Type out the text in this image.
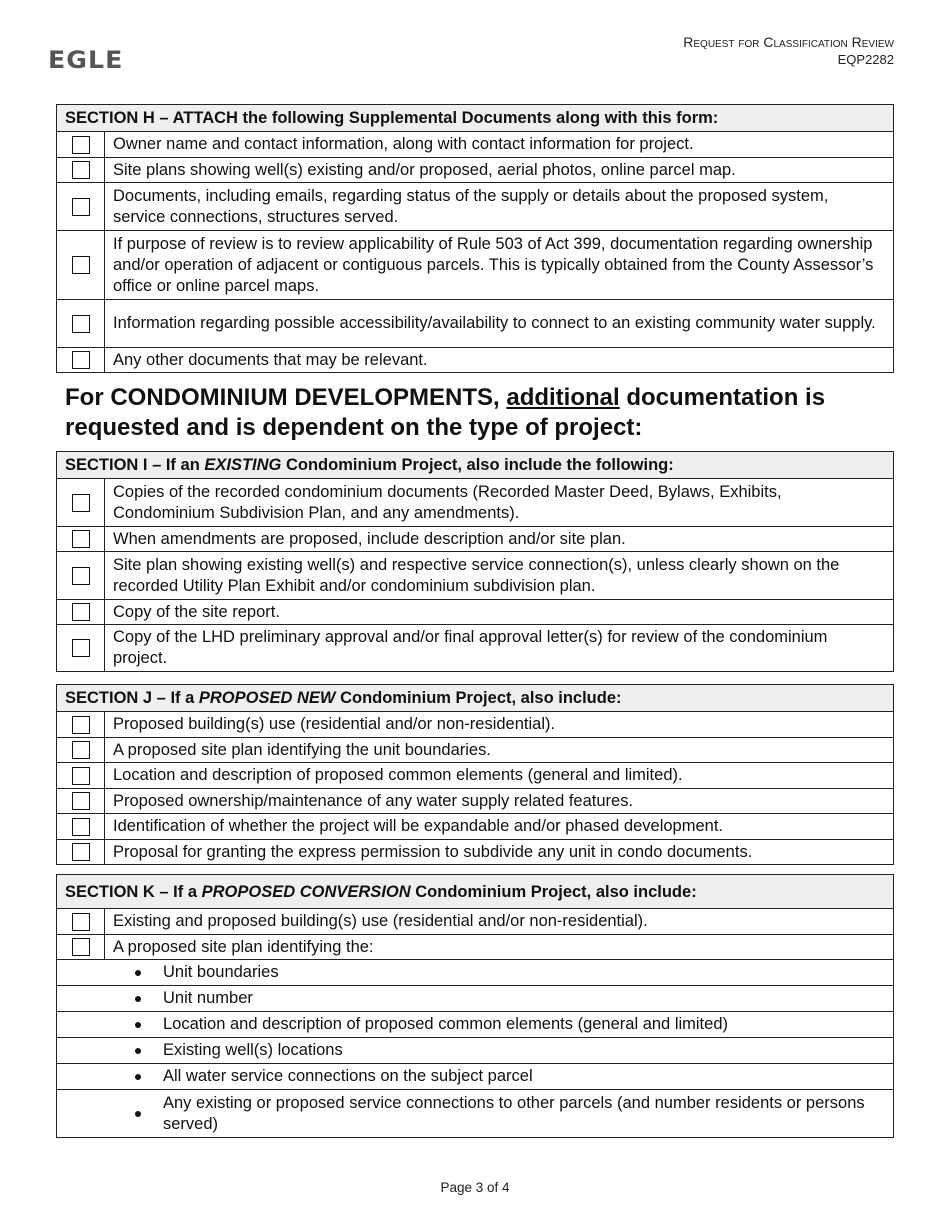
EGLE
Request for Classification Review
EQP2282
SECTION H – ATTACH the following Supplemental Documents along with this form:	
	Owner name and contact information, along with contact information for project.
	Site plans showing well(s) existing and/or proposed, aerial photos, online parcel map.
	Documents, including emails, regarding status of the supply or details about the proposed system, service connections, structures served.
	If purpose of review is to review applicability of Rule 503 of Act 399, documentation regarding ownership and/or operation of adjacent or contiguous parcels. This is typically obtained from the County Assessor’s office or online parcel maps.
	Information regarding possible accessibility/availability to connect to an existing community water supply.
	Any other documents that may be relevant.
For CONDOMINIUM DEVELOPMENTS, additional documentation is requested and is dependent on the type of project:
SECTION I – If an EXISTING Condominium Project, also include the following:	
	Copies of the recorded condominium documents (Recorded Master Deed, Bylaws, Exhibits, Condominium Subdivision Plan, and any amendments).
	When amendments are proposed, include description and/or site plan.
	Site plan showing existing well(s) and respective service connection(s), unless clearly shown on the recorded Utility Plan Exhibit and/or condominium subdivision plan.
	Copy of the site report.
	Copy of the LHD preliminary approval and/or final approval letter(s) for review of the condominium project.
SECTION J – If a PROPOSED NEW Condominium Project, also include:	
	Proposed building(s) use (residential and/or non-residential).
	A proposed site plan identifying the unit boundaries.
	Location and description of proposed common elements (general and limited).
	Proposed ownership/maintenance of any water supply related features.
	Identification of whether the project will be expandable and/or phased development.
	Proposal for granting the express permission to subdivide any unit in condo documents.
SECTION K – If a PROPOSED CONVERSION Condominium Project, also include:	
	Existing and proposed building(s) use (residential and/or non-residential).
	A proposed site plan identifying the:

Unit boundaries	

Unit number	

Location and description of proposed common elements (general and limited)	

Existing well(s) locations	

All water service connections on the subject parcel	

Any existing or proposed service connections to other parcels (and number residents or persons served)	
Page 3 of 4
